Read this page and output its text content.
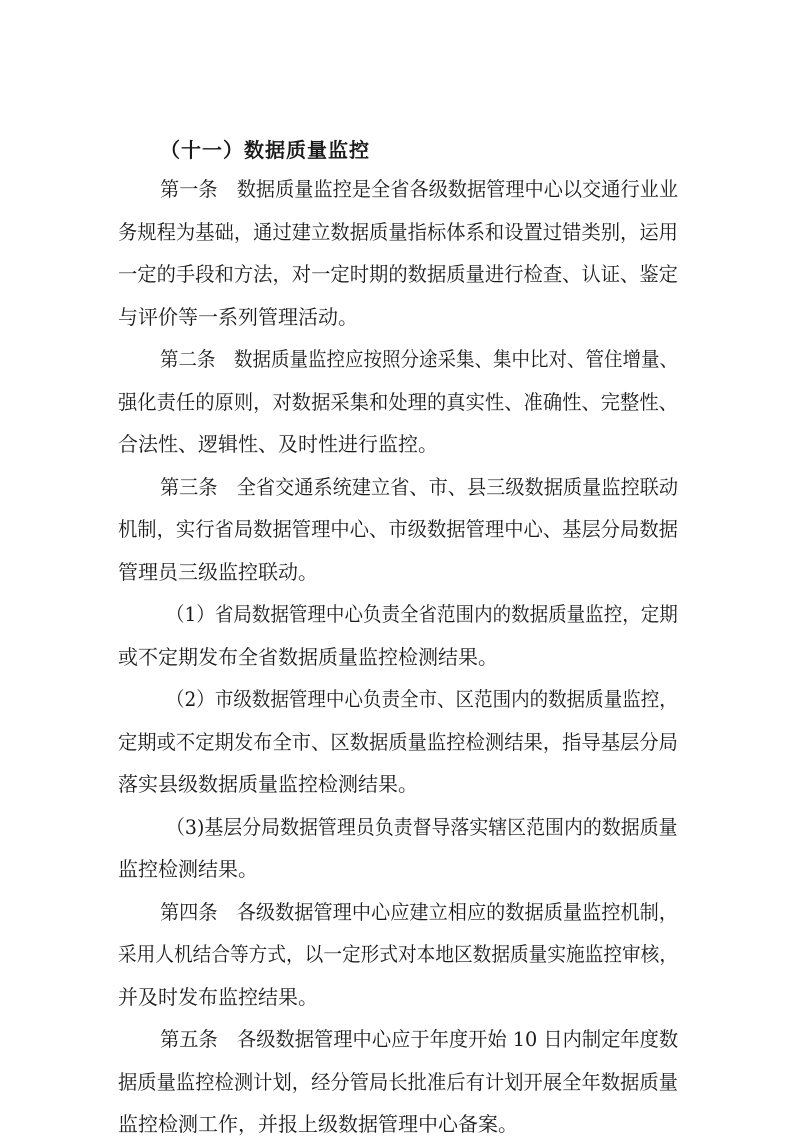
（十一）数据质量监控
第一条　数据质量监控是全省各级数据管理中心以交通行业业
务规程为基础，通过建立数据质量指标体系和设置过错类别，运用
一定的手段和方法，对一定时期的数据质量进行检查、认证、鉴定
与评价等一系列管理活动。
第二条　数据质量监控应按照分途采集、集中比对、管住增量、
强化责任的原则，对数据采集和处理的真实性、准确性、完整性、
合法性、逻辑性、及时性进行监控。
第三条　全省交通系统建立省、市、县三级数据质量监控联动
机制，实行省局数据管理中心、市级数据管理中心、基层分局数据
管理员三级监控联动。
（1）省局数据管理中心负责全省范围内的数据质量监控，定期
或不定期发布全省数据质量监控检测结果。
（2）市级数据管理中心负责全市、区范围内的数据质量监控，
定期或不定期发布全市、区数据质量监控检测结果，指导基层分局
落实县级数据质量监控检测结果。
（3)基层分局数据管理员负责督导落实辖区范围内的数据质量
监控检测结果。
第四条　各级数据管理中心应建立相应的数据质量监控机制，
采用人机结合等方式，以一定形式对本地区数据质量实施监控审核，
并及时发布监控结果。
第五条　各级数据管理中心应于年度开始 10 日内制定年度数
据质量监控检测计划，经分管局长批准后有计划开展全年数据质量
监控检测工作，并报上级数据管理中心备案。
